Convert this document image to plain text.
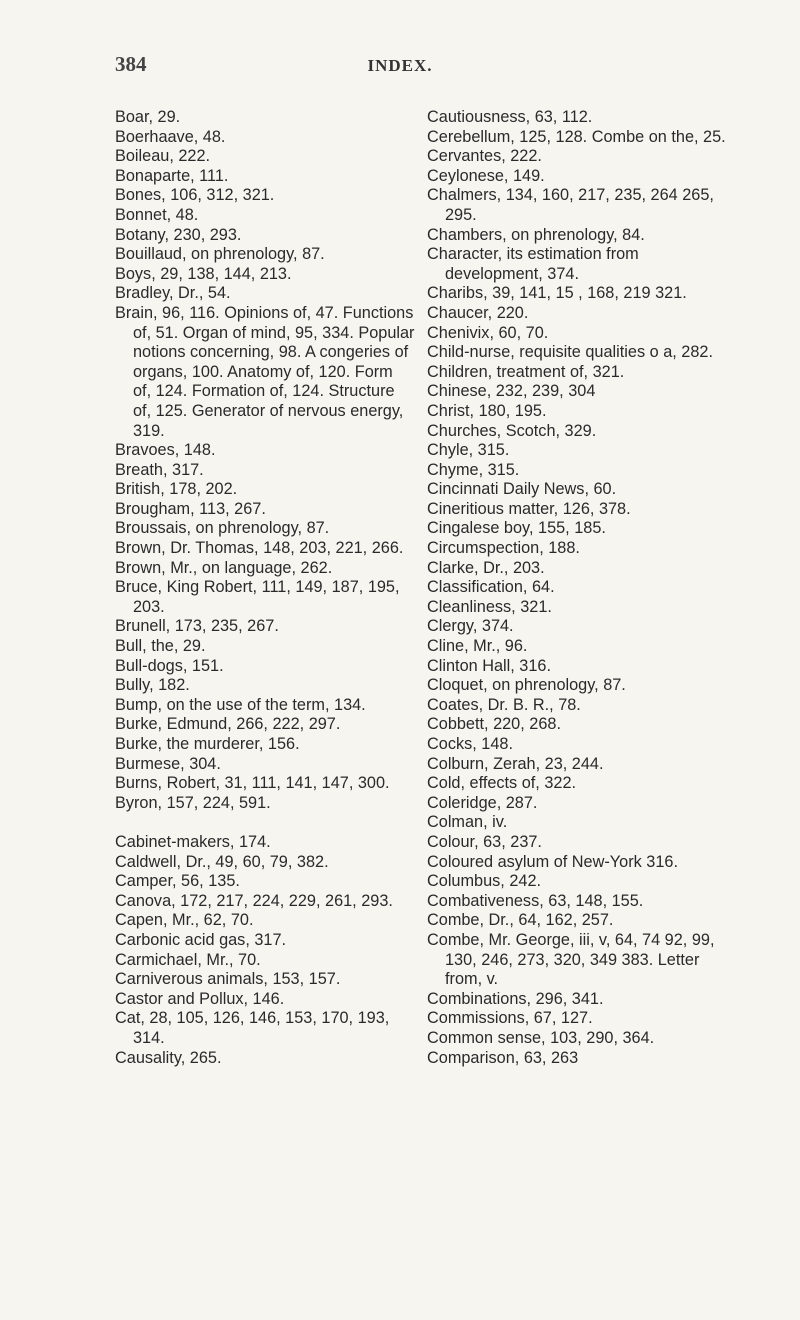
384	INDEX.

Boar, 29.

Boerhaave, 48.

Boileau, 222.

Bonaparte, 111.

Bones, 106, 312, 321.

Bonnet, 48.

Botany, 230, 293.

Bouillaud, on phrenology, 87.

Boys, 29, 138, 144, 213.

Bradley, Dr., 54.

Brain, 96, 116. Opinions of, 47. Functions of, 51. Organ of mind, 95, 334. Popular notions concerning, 98. A congeries of organs, 100. Anatomy of, 120. Form of, 124. Formation of, 124. Structure of, 125. Generator of nervous energy, 319.

Bravoes, 148.

Breath, 317.

British, 178, 202.

Brougham, 113, 267.

Broussais, on phrenology, 87.

Brown, Dr. Thomas, 148, 203, 221, 266.

Brown, Mr., on language, 262.

Bruce, King Robert, 111, 149, 187, 195, 203.

Brunell, 173, 235, 267.

Bull, the, 29.

Bull-dogs, 151.

Bully, 182.

Bump, on the use of the term, 134.

Burke, Edmund, 266, 222, 297.

Burke, the murderer, 156.

Burmese, 304.

Burns, Robert, 31, 111, 141, 147, 300.

Byron, 157, 224, 591.

Cabinet-makers, 174.

Caldwell, Dr., 49, 60, 79, 382.

Camper, 56, 135.

Canova, 172, 217, 224, 229, 261, 293.

Capen, Mr., 62, 70.

Carbonic acid gas, 317.

Carmichael, Mr., 70.

Carniverous animals, 153, 157.

Castor and Pollux, 146.

Cat, 28, 105, 126, 146, 153, 170, 193, 314.

Causality, 265.

Cautiousness, 63, 112.

Cerebellum, 125, 128. Combe on the, 25.

Cervantes, 222.

Ceylonese, 149.

Chalmers, 134, 160, 217, 235, 264 265, 295.

Chambers, on phrenology, 84.

Character, its estimation from development, 374.

Charibs, 39, 141, 15 , 168, 219 321.

Chaucer, 220.

Chenivix, 60, 70.

Child-nurse, requisite qualities o a, 282.

Children, treatment of, 321.

Chinese, 232, 239, 304

Christ, 180, 195.

Churches, Scotch, 329.

Chyle, 315.

Chyme, 315.

Cincinnati Daily News, 60.

Cineritious matter, 126, 378.

Cingalese boy, 155, 185.

Circumspection, 188.

Clarke, Dr., 203.

Classification, 64.

Cleanliness, 321.

Clergy, 374.

Cline, Mr., 96.

Clinton Hall, 316.

Cloquet, on phrenology, 87.

Coates, Dr. B. R., 78.

Cobbett, 220, 268.

Cocks, 148.

Colburn, Zerah, 23, 244.

Cold, effects of, 322.

Coleridge, 287.

Colman, iv.

Colour, 63, 237.

Coloured asylum of New-York 316.

Columbus, 242.

Combativeness, 63, 148, 155.

Combe, Dr., 64, 162, 257.

Combe, Mr. George, iii, v, 64, 74 92, 99, 130, 246, 273, 320, 349 383. Letter from, v.

Combinations, 296, 341.

Commissions, 67, 127.

Common sense, 103, 290, 364.

Comparison, 63, 263
